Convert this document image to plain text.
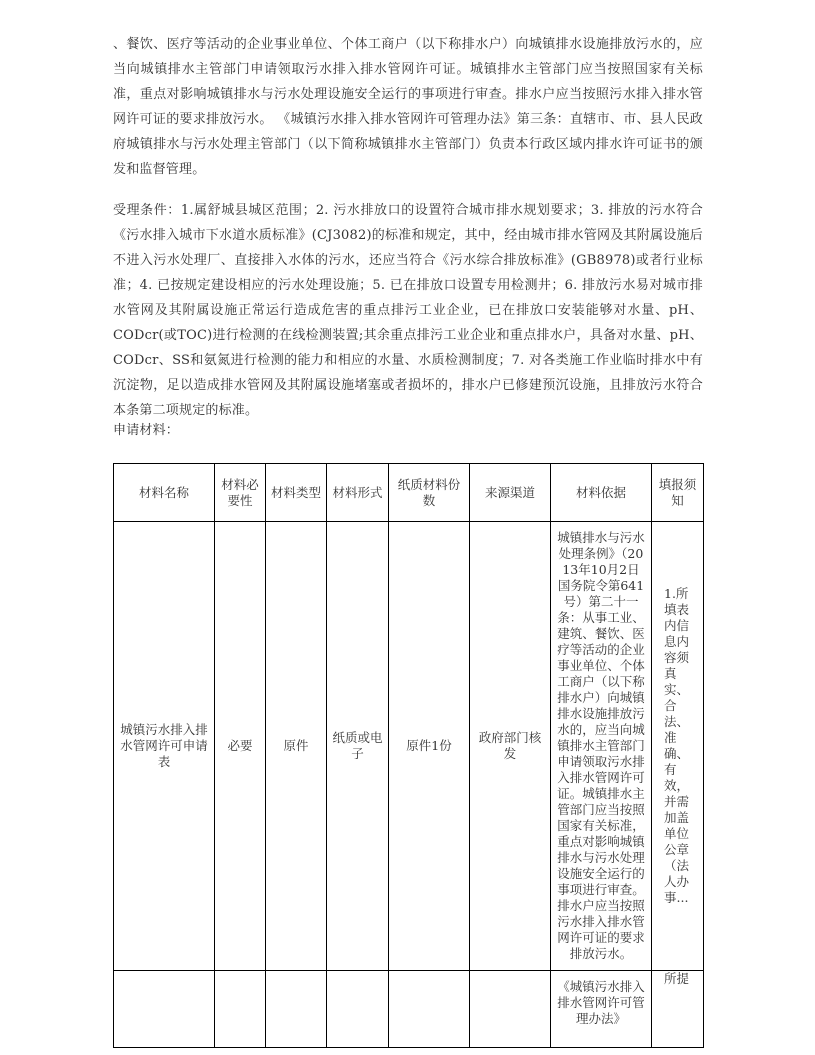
、餐饮、医疗等活动的企业事业单位、个体工商户（以下称排水户）向城镇排水设施排放污水的，应当向城镇排水主管部门申请领取污水排入排水管网许可证。城镇排水主管部门应当按照国家有关标准，重点对影响城镇排水与污水处理设施安全运行的事项进行审查。排水户应当按照污水排入排水管网许可证的要求排放污水。 《城镇污水排入排水管网许可管理办法》第三条：直辖市、市、县人民政府城镇排水与污水处理主管部门（以下简称城镇排水主管部门）负责本行政区域内排水许可证书的颁发和监督管理。

受理条件：1.属舒城县城区范围；2. 污水排放口的设置符合城市排水规划要求；3. 排放的污水符合《污水排入城市下水道水质标准》(CJ3082)的标准和规定，其中，经由城市排水管网及其附属设施后不进入污水处理厂、直接排入水体的污水，还应当符合《污水综合排放标准》(GB8978)或者行业标准；4. 已按规定建设相应的污水处理设施；5. 已在排放口设置专用检测井；6. 排放污水易对城市排水管网及其附属设施正常运行造成危害的重点排污工业企业，已在排放口安装能够对水量、pH、CODcr(或TOC)进行检测的在线检测装置;其余重点排污工业企业和重点排水户，具备对水量、pH、CODcr、SS和氨氮进行检测的能力和相应的水量、水质检测制度；7. 对各类施工作业临时排水中有沉淀物，足以造成排水管网及其附属设施堵塞或者损坏的，排水户已修建预沉设施，且排放污水符合本条第二项规定的标准。

申请材料：

材料名称	材料必要性	材料类型	材料形式	纸质材料份数	来源渠道	材料依据	填报须知
城镇污水排入排水管网许可申请表	必要	原件	纸质或电子	原件1份	政府部门核发	城镇排水与污水处理条例》（2013年10月2日国务院令第641号）第二十一条：从事工业、建筑、餐饮、医疗等活动的企业事业单位、个体工商户（以下称排水户）向城镇排水设施排放污水的，应当向城镇排水主管部门申请领取污水排入排水管网许可证。城镇排水主管部门应当按照国家有关标准，重点对影响城镇排水与污水处理设施安全运行的事项进行审查。排水户应当按照污水排入排水管网许可证的要求排放污水。	1.所填表内信息内容须真实、合法、准确、有效，并需加盖单位公章（法人办事...
						《城镇污水排入排水管网许可管理办法》	所提
